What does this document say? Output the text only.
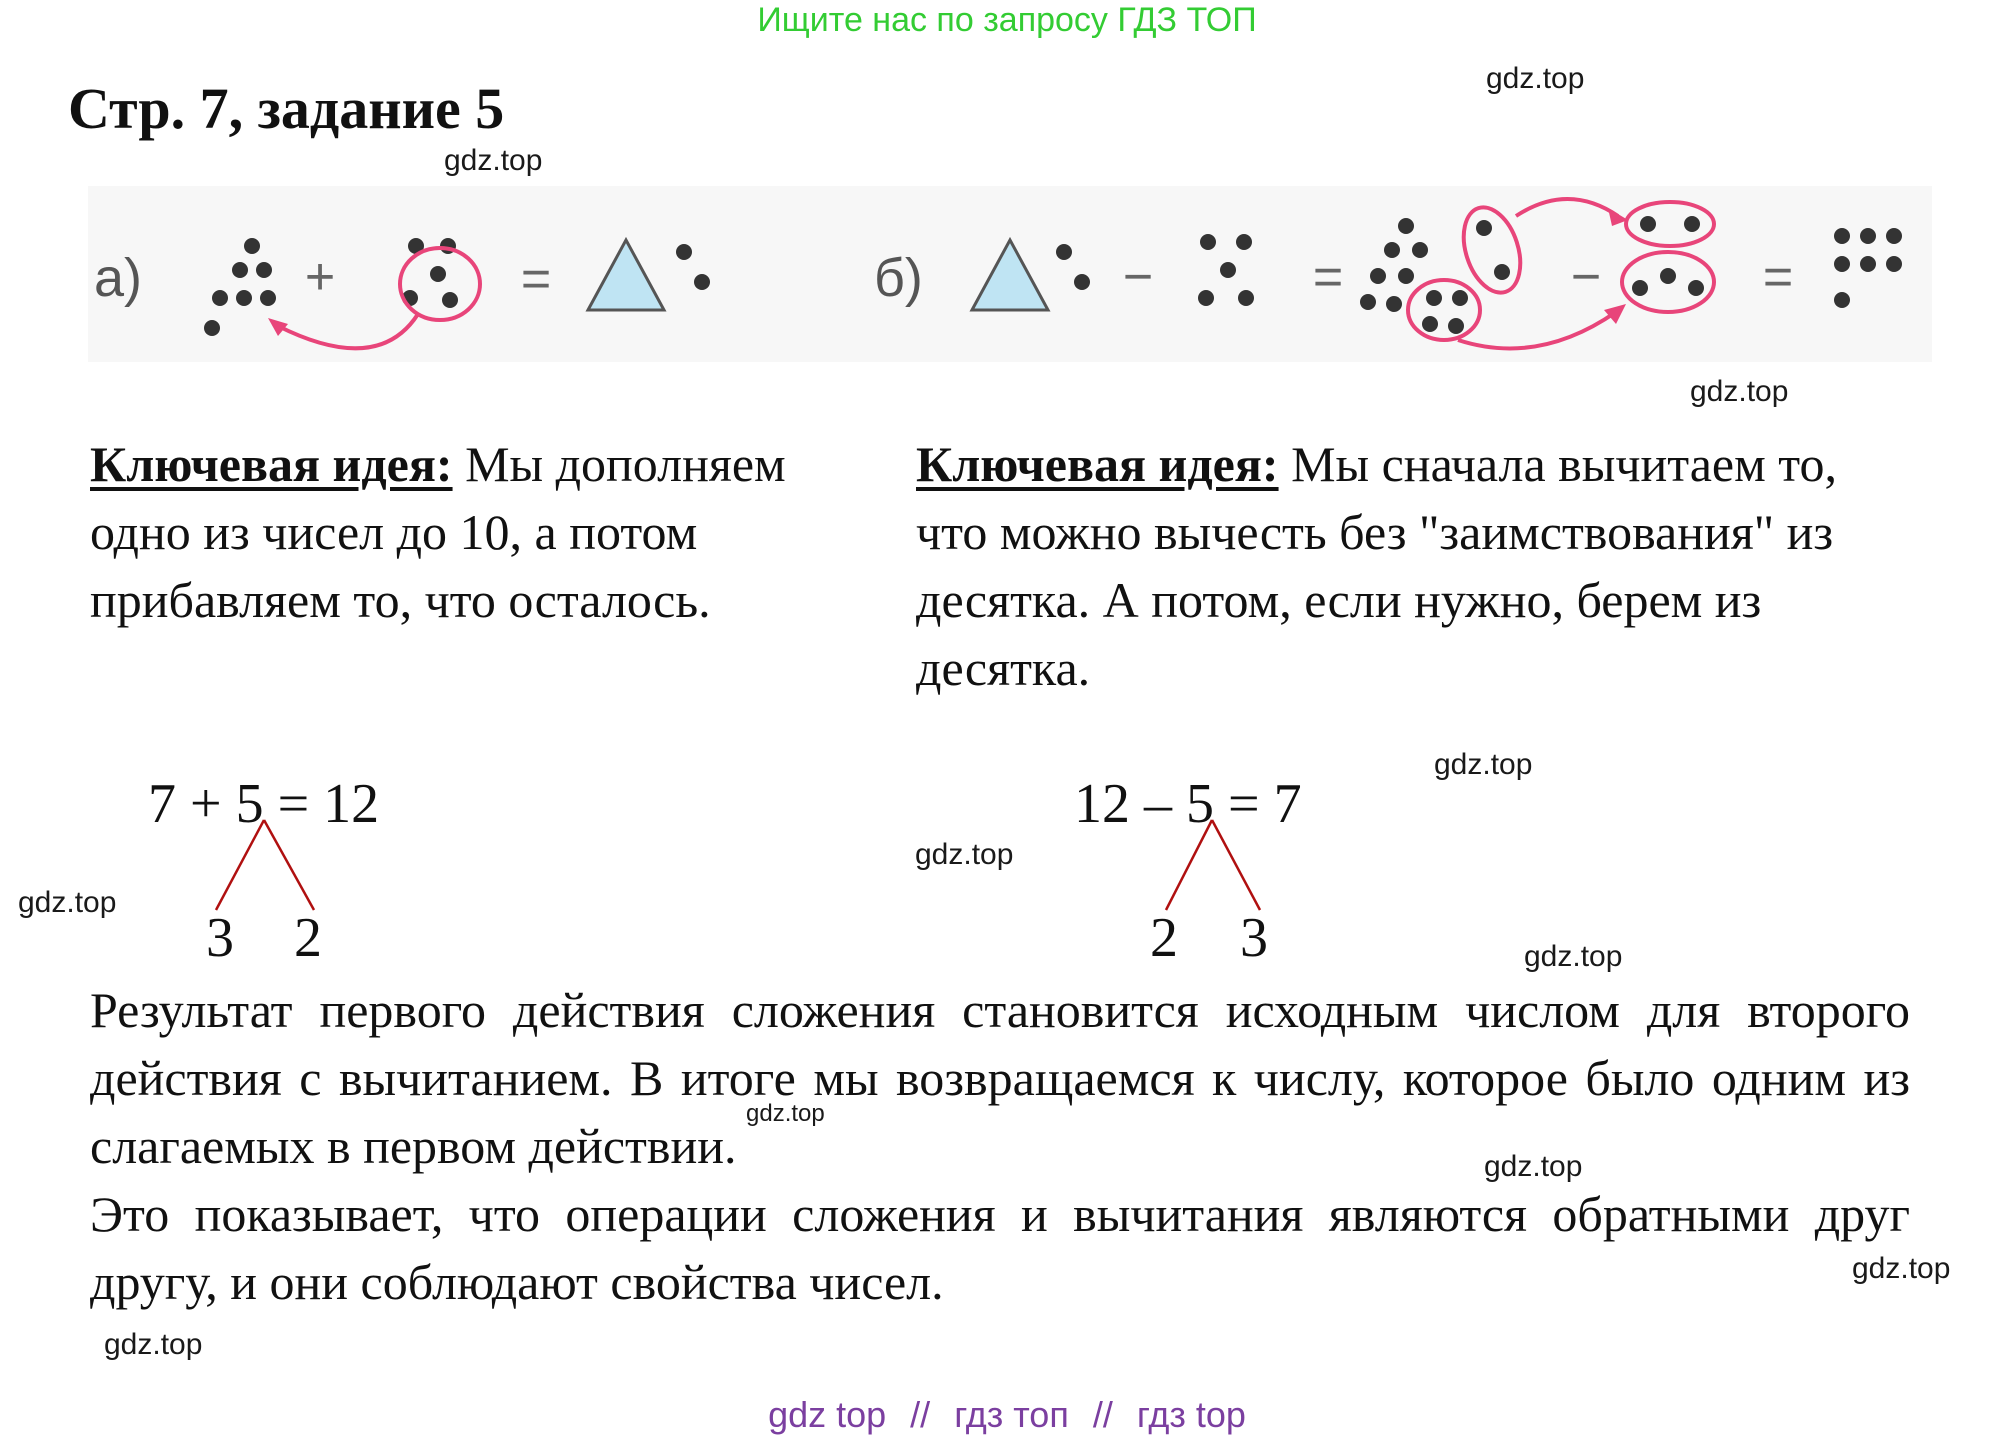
Ищите нас по запросу ГДЗ ТОП
Стр. 7, задание 5	gdz.top
gdz.top
gdz.top
gdz.top
gdz.top
gdz.top
gdz.top
gdz.top
gdz.top
gdz.top
gdz.top
а)	+	=	б)	−	=	−	=
Ключевая идея: Мы дополняем одно из чисел до 10, а потом прибавляем то, что осталось.
Ключевая идея: Мы сначала вычитаем то, что можно вычесть без "заимствования" из десятка. А потом, если нужно, берем из десятка.
7 + 5 = 12
3 2
12 – 5 = 7
2 3
Результат первого действия сложения становится исходным числом для второго действия с вычитанием. В итоге мы возвращаемся к числу, которое было одним из слагаемых в первом действии.
Это показывает, что операции сложения и вычитания являются обратными друг другу, и они соблюдают свойства чисел.
gdz top // гдз топ // гдз top
